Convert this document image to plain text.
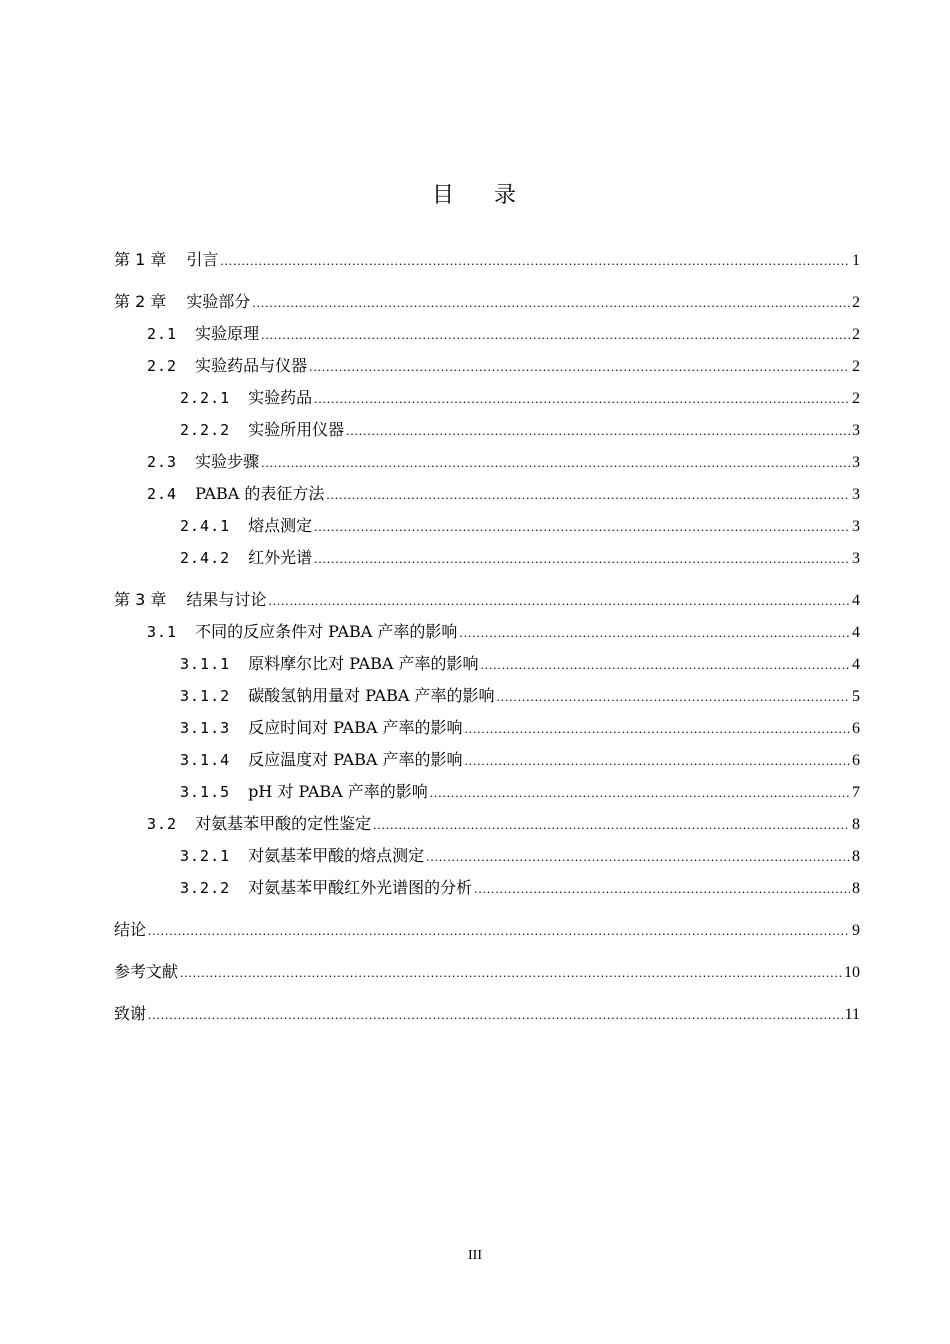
目 录
第 1 章 引言 .....	1
第 2 章 实验部分 .....	2
2.1 实验原理 .....	2
2.2 实验药品与仪器 .....	2
2.2.1 实验药品 .....	2
2.2.2 实验所用仪器 .....	3
2.3 实验步骤 .....	3
2.4 PABA 的表征方法 .....	3
2.4.1 熔点测定 .....	3
2.4.2 红外光谱 .....	3
第 3 章 结果与讨论 .....	4
3.1 不同的反应条件对 PABA 产率的影响 .....	4
3.1.1 原料摩尔比对 PABA 产率的影响 .....	4
3.1.2 碳酸氢钠用量对 PABA 产率的影响 .....	5
3.1.3 反应时间对 PABA 产率的影响 .....	6
3.1.4 反应温度对 PABA 产率的影响 .....	6
3.1.5 pH 对 PABA 产率的影响 .....	7
3.2 对氨基苯甲酸的定性鉴定 .....	8
3.2.1 对氨基苯甲酸的熔点测定 .....	8
3.2.2 对氨基苯甲酸红外光谱图的分析 .....	8
结论 .....	9
参考文献 .....	10
致谢 .....	11
III
